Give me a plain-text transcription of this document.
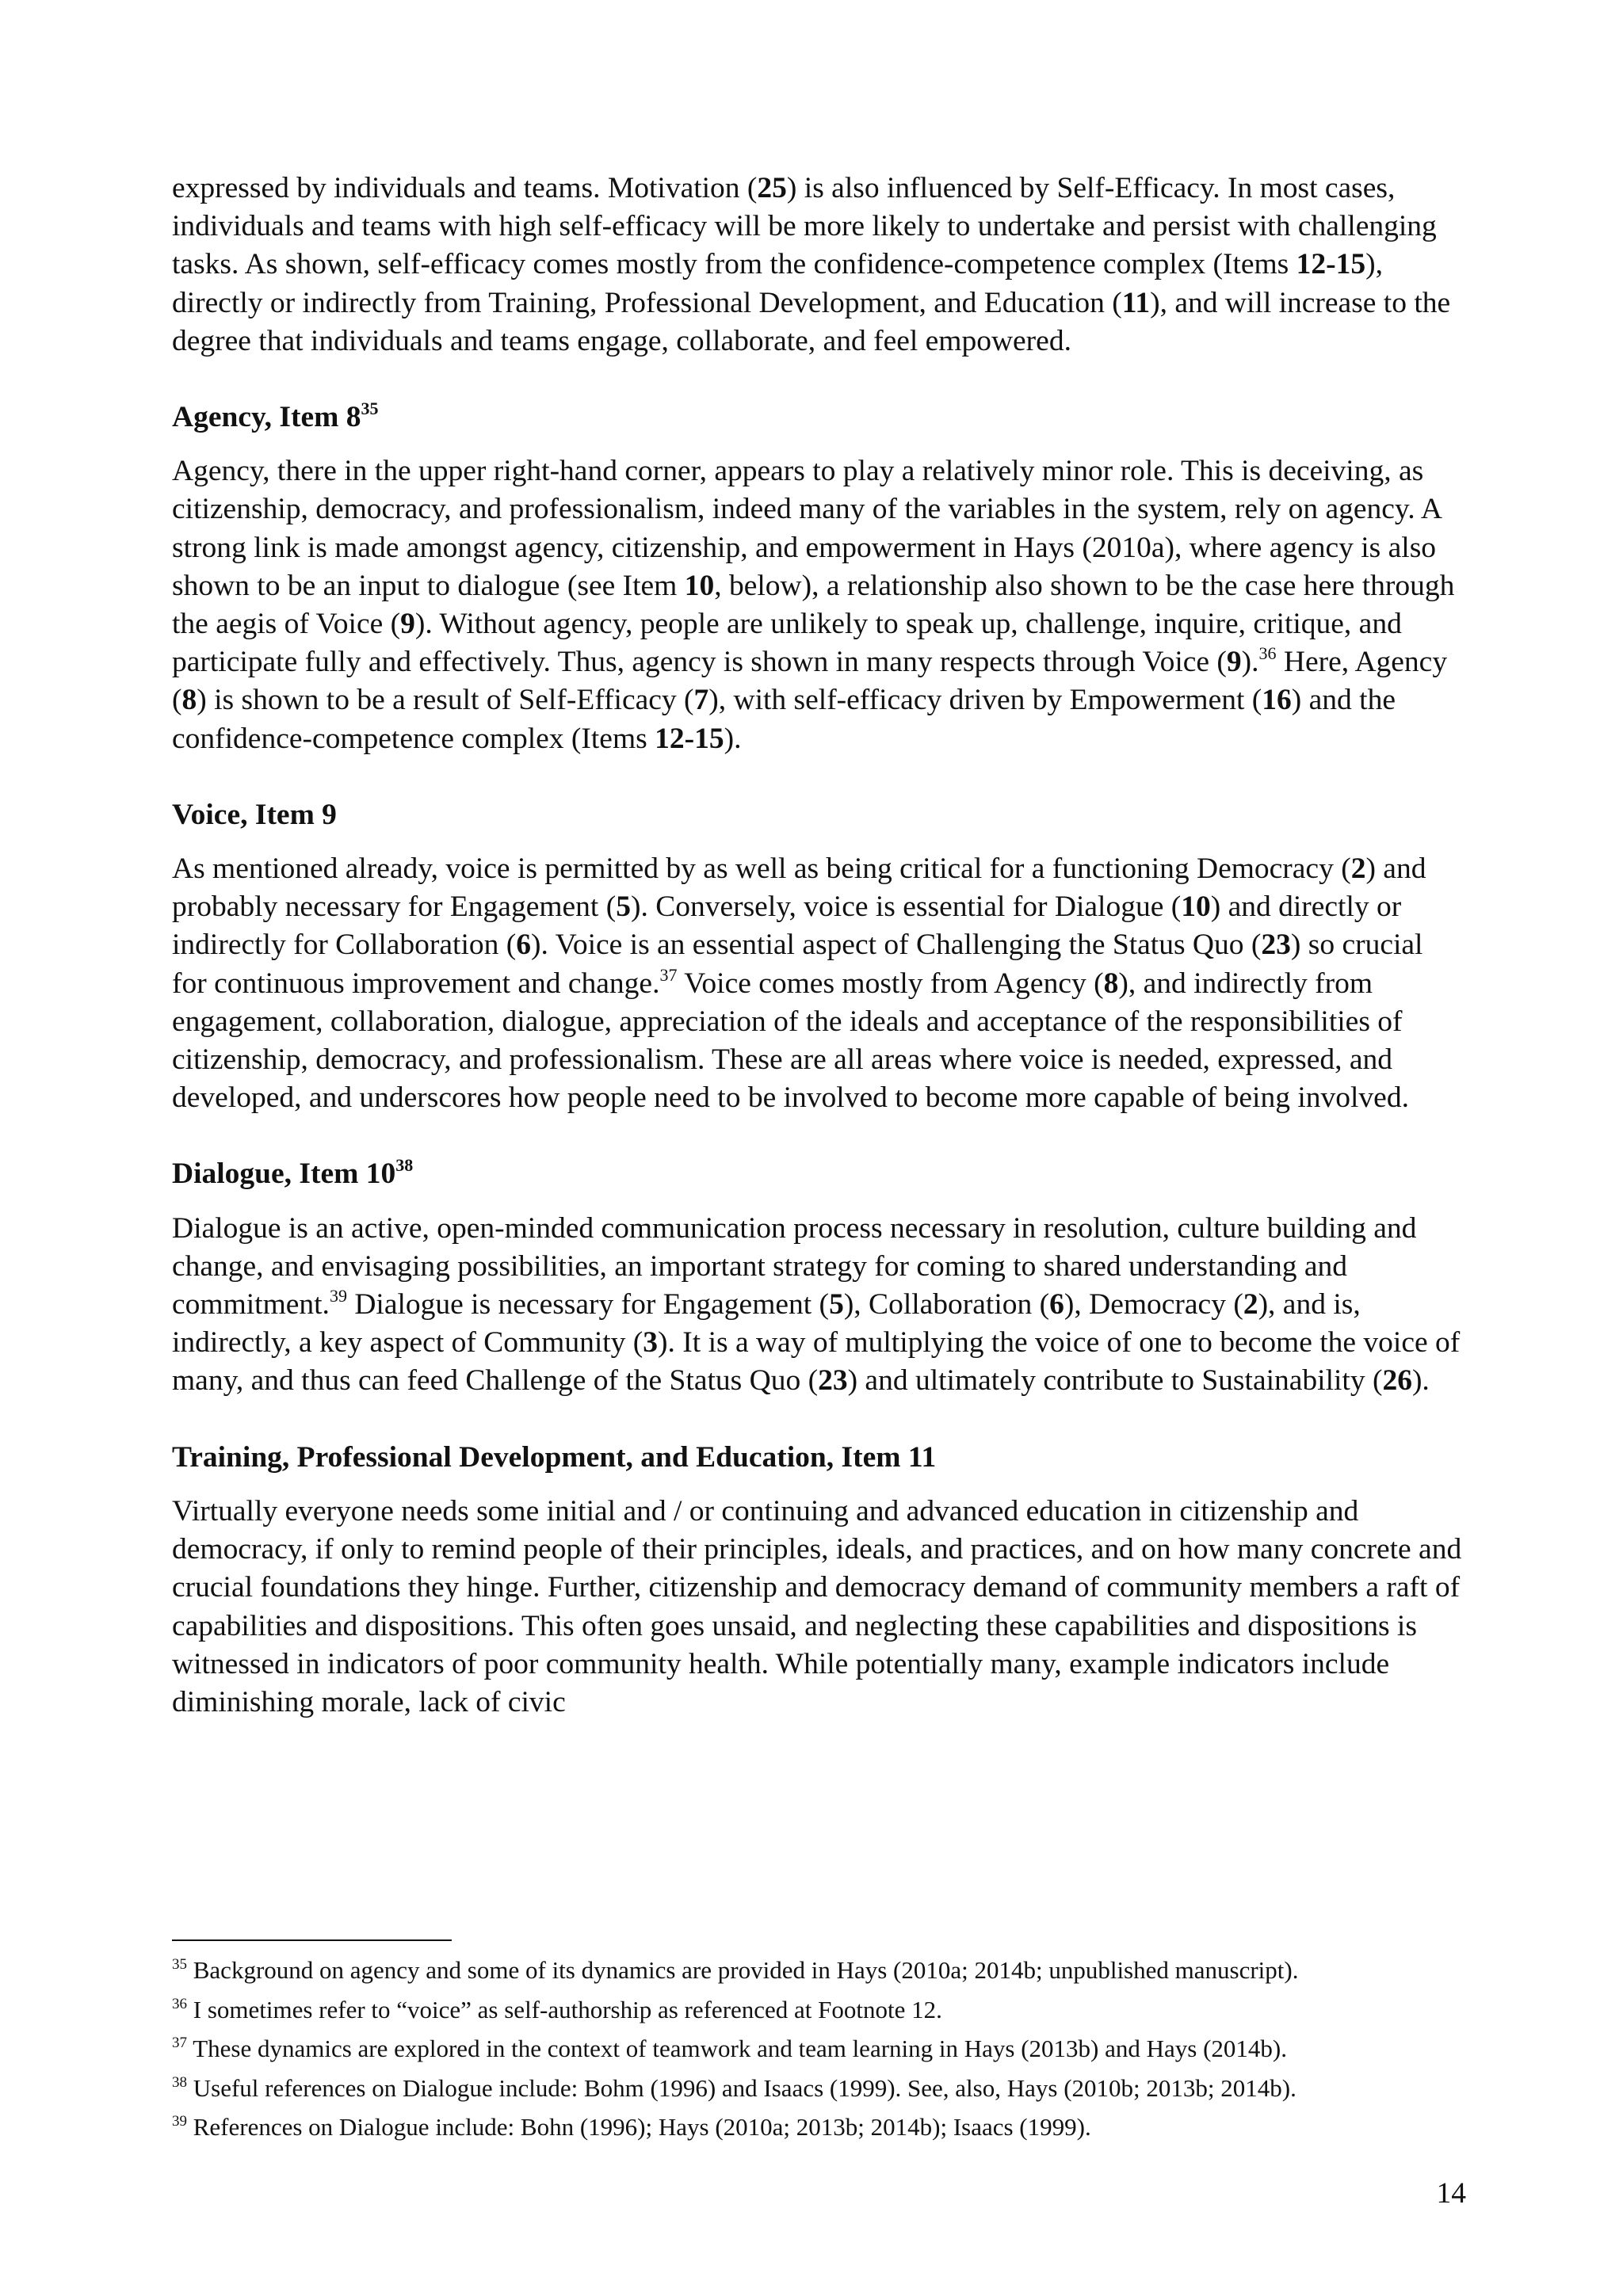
expressed by individuals and teams. Motivation (25) is also influenced by Self-Efficacy. In most cases, individuals and teams with high self-efficacy will be more likely to undertake and persist with challenging tasks. As shown, self-efficacy comes mostly from the confidence-competence complex (Items 12-15), directly or indirectly from Training, Professional Development, and Education (11), and will increase to the degree that individuals and teams engage, collaborate, and feel empowered.

Agency, Item $8^{35}$

Agency, there in the upper right-hand corner, appears to play a relatively minor role. This is deceiving, as citizenship, democracy, and professionalism, indeed many of the variables in the system, rely on agency. A strong link is made amongst agency, citizenship, and empowerment in Hays (2010a), where agency is also shown to be an input to dialogue (see Item 10, below), a relationship also shown to be the case here through the aegis of Voice (9). Without agency, people are unlikely to speak up, challenge, inquire, critique, and participate fully and effectively. Thus, agency is shown in many respects through Voice (9).$^{36}$ Here, Agency (8) is shown to be a result of Self-Efficacy (7), with self-efficacy driven by Empowerment (16) and the confidence-competence complex (Items 12-15).

Voice, Item 9

As mentioned already, voice is permitted by as well as being critical for a functioning Democracy (2) and probably necessary for Engagement (5). Conversely, voice is essential for Dialogue (10) and directly or indirectly for Collaboration (6). Voice is an essential aspect of Challenging the Status Quo (23) so crucial for continuous improvement and change.$^{37}$ Voice comes mostly from Agency (8), and indirectly from engagement, collaboration, dialogue, appreciation of the ideals and acceptance of the responsibilities of citizenship, democracy, and professionalism. These are all areas where voice is needed, expressed, and developed, and underscores how people need to be involved to become more capable of being involved.

Dialogue, Item $10^{38}$

Dialogue is an active, open-minded communication process necessary in resolution, culture building and change, and envisaging possibilities, an important strategy for coming to shared understanding and commitment.$^{39}$ Dialogue is necessary for Engagement (5), Collaboration (6), Democracy (2), and is, indirectly, a key aspect of Community (3). It is a way of multiplying the voice of one to become the voice of many, and thus can feed Challenge of the Status Quo (23) and ultimately contribute to Sustainability (26).

Training, Professional Development, and Education, Item 11

Virtually everyone needs some initial and / or continuing and advanced education in citizenship and democracy, if only to remind people of their principles, ideals, and practices, and on how many concrete and crucial foundations they hinge. Further, citizenship and democracy demand of community members a raft of capabilities and dispositions. This often goes unsaid, and neglecting these capabilities and dispositions is witnessed in indicators of poor community health. While potentially many, example indicators include diminishing morale, lack of civic

$^{35}$ Background on agency and some of its dynamics are provided in Hays (2010a; 2014b; unpublished manuscript).
$^{36}$ I sometimes refer to “voice” as self-authorship as referenced at Footnote 12.
$^{37}$ These dynamics are explored in the context of teamwork and team learning in Hays (2013b) and Hays (2014b).
$^{38}$ Useful references on Dialogue include: Bohm (1996) and Isaacs (1999). See, also, Hays (2010b; 2013b; 2014b).
$^{39}$ References on Dialogue include: Bohn (1996); Hays (2010a; 2013b; 2014b); Isaacs (1999).
14
